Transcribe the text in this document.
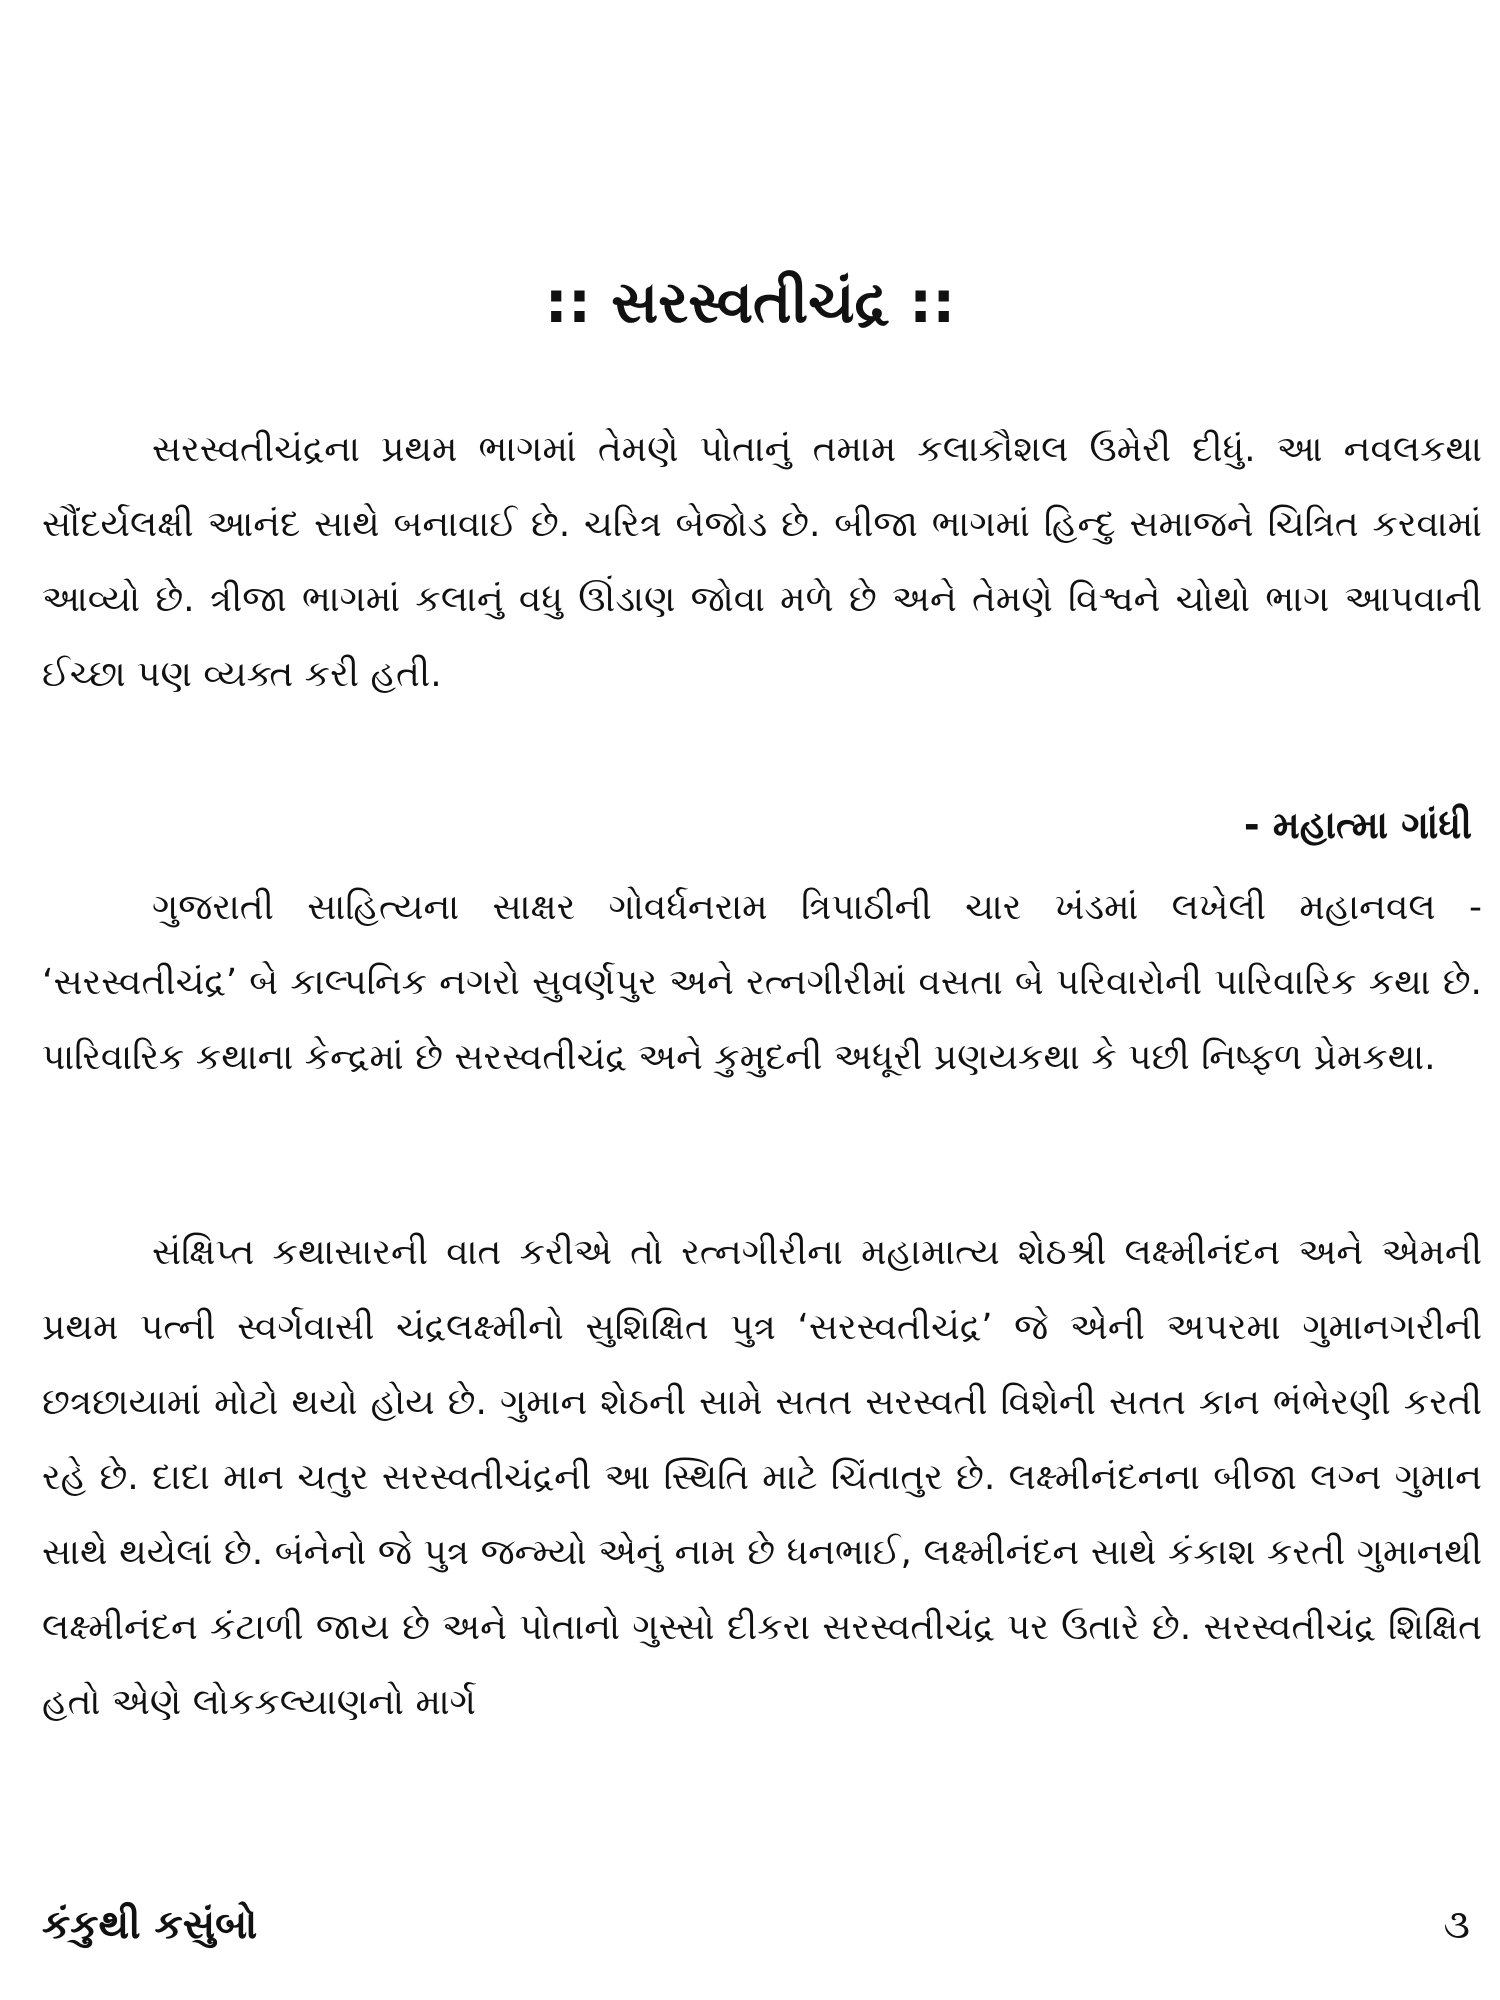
:: સરસ્વતીચંદ્ર ::

સરસ્વતીચંદ્રના પ્રથમ ભાગમાં તેમણે પોતાનું તમામ કલાકૌશલ ઉમેરી દીધું. આ નવલકથા સૌંદર્યલક્ષી આનંદ સાથે બનાવાઈ છે. ચરિત્ર બેજોડ છે. બીજા ભાગમાં હિન્દુ સમાજને ચિત્રિત કરવામાં આવ્યો છે. ત્રીજા ભાગમાં કલાનું વધુ ઊંડાણ જોવા મળે છે અને તેમણે વિશ્વને ચોથો ભાગ આપવાની ઈચ્છા પણ વ્યક્ત કરી હતી.

- મહાત્મા ગાંધી

ગુજરાતી સાહિત્યના સાક્ષર ગોવર્ધનરામ ત્રિપાઠીની ચાર ખંડમાં લખેલી મહાનવલ - ‘સરસ્વતીચંદ્ર’ બે કાલ્પનિક નગરો સુવર્ણપુર અને રત્નગીરીમાં વસતા બે પરિવારોની પારિવારિક કથા છે. પારિવારિક કથાના કેન્દ્રમાં છે સરસ્વતીચંદ્ર અને કુમુદની અધૂરી પ્રણયકથા કે પછી નિષ્ફળ પ્રેમકથા.

સંક્ષિપ્ત કથાસારની વાત કરીએ તો રત્નગીરીના મહામાત્ય શેઠશ્રી લક્ષ્મીનંદન અને એમની પ્રથમ પત્ની સ્વર્ગવાસી ચંદ્રલક્ષ્મીનો સુશિક્ષિત પુત્ર ‘સરસ્વતીચંદ્ર’ જે એની અપરમા ગુમાનગરીની છત્રછાયામાં મોટો થયો હોય છે. ગુમાન શેઠની સામે સતત સરસ્વતી વિશેની સતત કાન ભંભેરણી કરતી રહે છે. દાદા માન ચતુર સરસ્વતીચંદ્રની આ સ્થિતિ માટે ચિંતાતુર છે. લક્ષ્મીનંદનના બીજા લગ્ન ગુમાન સાથે થયેલાં છે. બંનેનો જે પુત્ર જન્મ્યો એનું નામ છે ધનભાઈ, લક્ષ્મીનંદન સાથે કંકાશ કરતી ગુમાનથી લક્ષ્મીનંદન કંટાળી જાય છે અને પોતાનો ગુસ્સો દીકરા સરસ્વતીચંદ્ર પર ઉતારે છે. સરસ્વતીચંદ્ર શિક્ષિત હતો એણે લોકકલ્યાણનો માર્ગ

કંકુથી કસુંબો	૩
